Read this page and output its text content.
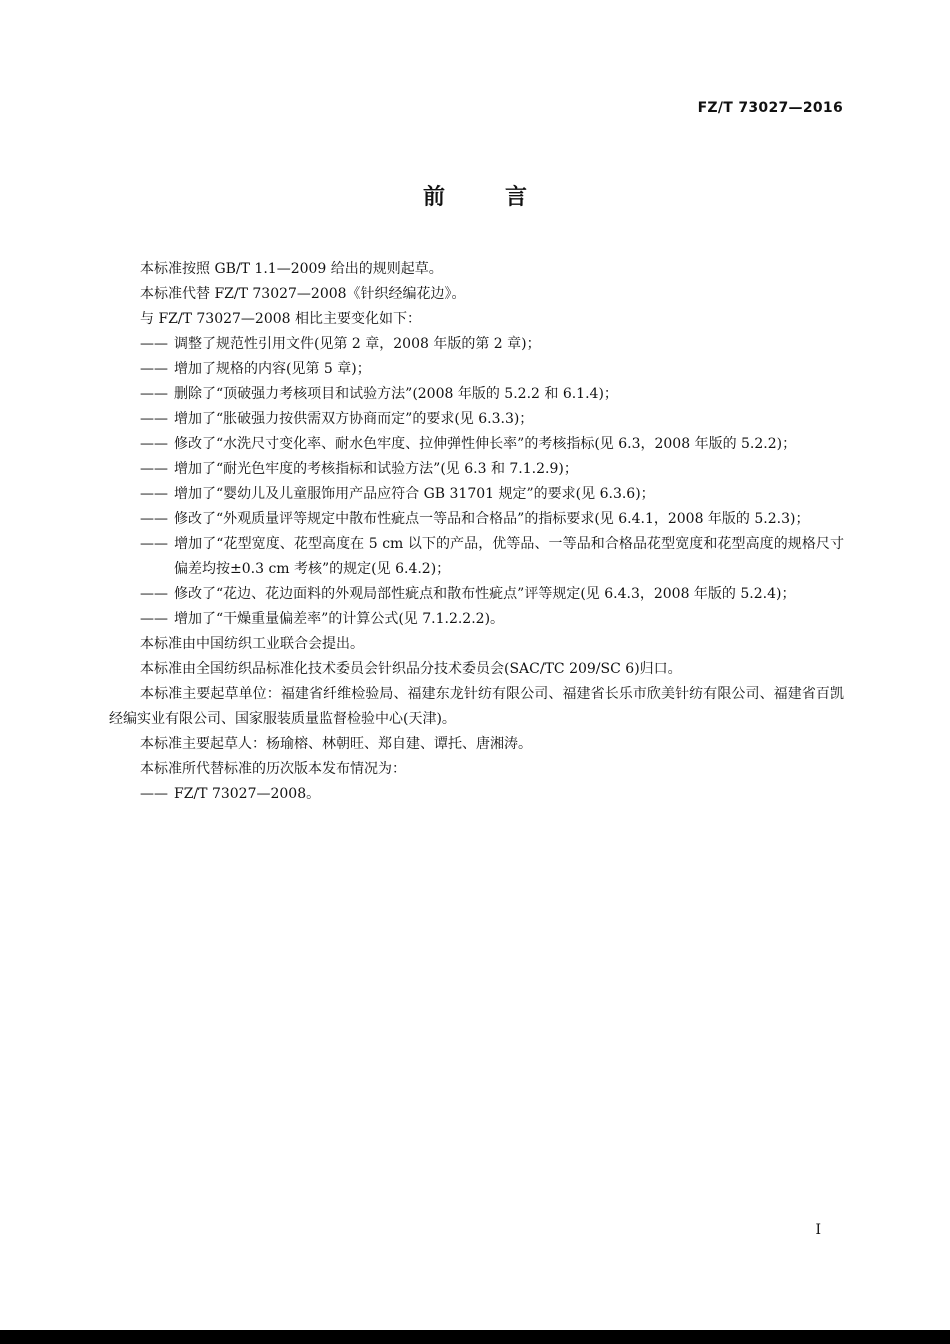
FZ/T 73027—2016
前言

本标准按照 GB/T 1.1—2009 给出的规则起草。

本标准代替 FZ/T 73027—2008《针织经编花边》。

与 FZ/T 73027—2008 相比主要变化如下：

—— 调整了规范性引用文件(见第 2 章，2008 年版的第 2 章)；

—— 增加了规格的内容(见第 5 章)；

—— 删除了“顶破强力考核项目和试验方法”(2008 年版的 5.2.2 和 6.1.4)；

—— 增加了“胀破强力按供需双方协商而定”的要求(见 6.3.3)；

—— 修改了“水洗尺寸变化率、耐水色牢度、拉伸弹性伸长率”的考核指标(见 6.3，2008 年版的 5.2.2)；

—— 增加了“耐光色牢度的考核指标和试验方法”(见 6.3 和 7.1.2.9)；

—— 增加了“婴幼儿及儿童服饰用产品应符合 GB 31701 规定”的要求(见 6.3.6)；

—— 修改了“外观质量评等规定中散布性疵点一等品和合格品”的指标要求(见 6.4.1，2008 年版的 5.2.3)；

—— 增加了“花型宽度、花型高度在 5 cm 以下的产品，优等品、一等品和合格品花型宽度和花型高度的规格尺寸偏差均按±0.3 cm 考核”的规定(见 6.4.2)；

—— 修改了“花边、花边面料的外观局部性疵点和散布性疵点”评等规定(见 6.4.3，2008 年版的 5.2.4)；

—— 增加了“干燥重量偏差率”的计算公式(见 7.1.2.2.2)。

本标准由中国纺织工业联合会提出。

本标准由全国纺织品标准化技术委员会针织品分技术委员会(SAC/TC 209/SC 6)归口。

本标准主要起草单位：福建省纤维检验局、福建东龙针纺有限公司、福建省长乐市欣美针纺有限公司、福建省百凯经编实业有限公司、国家服装质量监督检验中心(天津)。

本标准主要起草人：杨瑜榕、林朝旺、郑自建、谭托、唐湘涛。

本标准所代替标准的历次版本发布情况为：

—— FZ/T 73027—2008。

I
